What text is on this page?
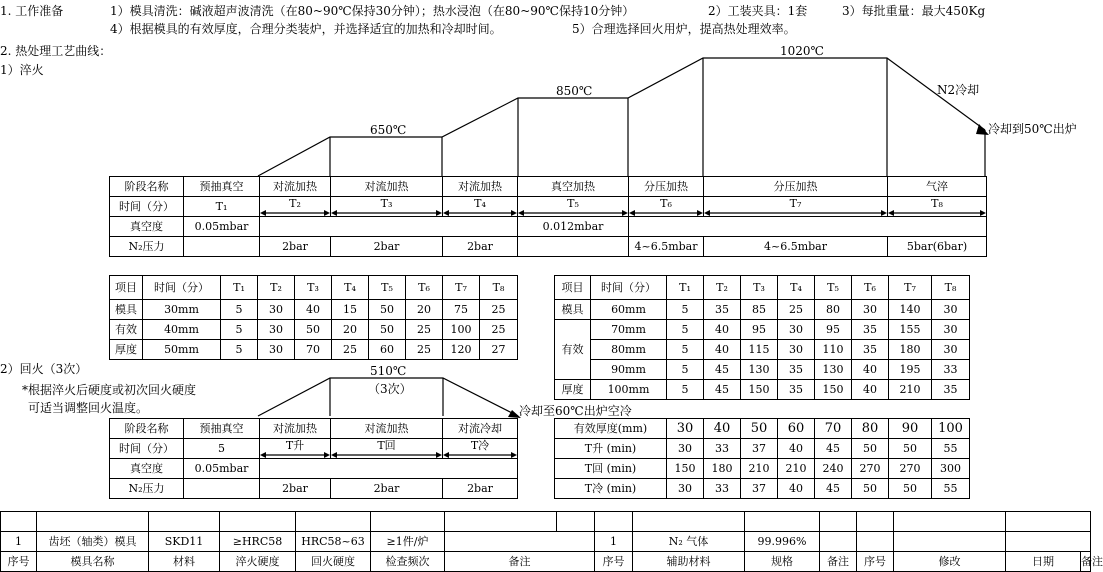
1. 工作准备	1）模具清洗：碱液超声波清洗（在80~90℃保持30分钟）；热水浸泡（在80~90℃保持10分钟）	2）工装夹具：1套	3）每批重量：最大450Kg
4）根据模具的有效厚度，合理分类装炉，并选择适宜的加热和冷却时间。	5）合理选择回火用炉，提高热处理效率。
2. 热处理工艺曲线：
1）淬火
650℃
850℃
1020℃
N2冷却
冷却到50℃出炉
阶段名称	预抽真空	对流加热	对流加热	对流加热	真空加热	分压加热	分压加热	气淬
时间（分）	T₁	T₂	T₃	T₄	T₅	T₆	T₇	T₈

真空度	0.05mbar				0.012mbar			
N₂压力		2bar	2bar	2bar		4~6.5mbar	4~6.5mbar	5bar(6bar)
项目	时间（分）	T₁	T₂	T₃	T₄	T₅	T₆	T₇	T₈
模具	30mm	5	30	40	15	50	20	75	25
有效	40mm	5	30	50	20	50	25	100	25
厚度	50mm	5	30	70	25	60	25	120	27
项目	时间（分）	T₁	T₂	T₃	T₄	T₅	T₆	T₇	T₈
模具	60mm	5	35	85	25	80	30	140	30
	70mm	5	40	95	30	95	35	155	30
有效	80mm	5	40	115	30	110	35	180	30
	90mm	5	45	130	35	130	40	195	33
厚度	100mm	5	45	150	35	150	40	210	35
2）回火（3次）
*根据淬火后硬度或初次回火硬度
可适当调整回火温度。
510℃
（3次）
冷却至60℃出炉空冷
阶段名称	预抽真空	对流加热	对流加热	对流冷却
时间（分）	5	T升	T回	T冷

真空度	0.05mbar			
N₂压力		2bar	2bar	2bar
有效厚度(mm)	30	40	50	60	70	80	90	100
T升 (min)	30	33	37	40	45	50	50	55
T回 (min)	150	180	210	210	240	270	270	300
T冷 (min)	30	33	37	40	45	50	50	55

1	齿坯（轴类）模具	SKD11	≥HRC58	HRC58~63	≥1件/炉			1	N₂ 气体	99.996%					
序号	模具名称	材料	淬火硬度	回火硬度	检查频次	备注		序号	辅助材料	规格	备注	序号	修改	日期	备注
